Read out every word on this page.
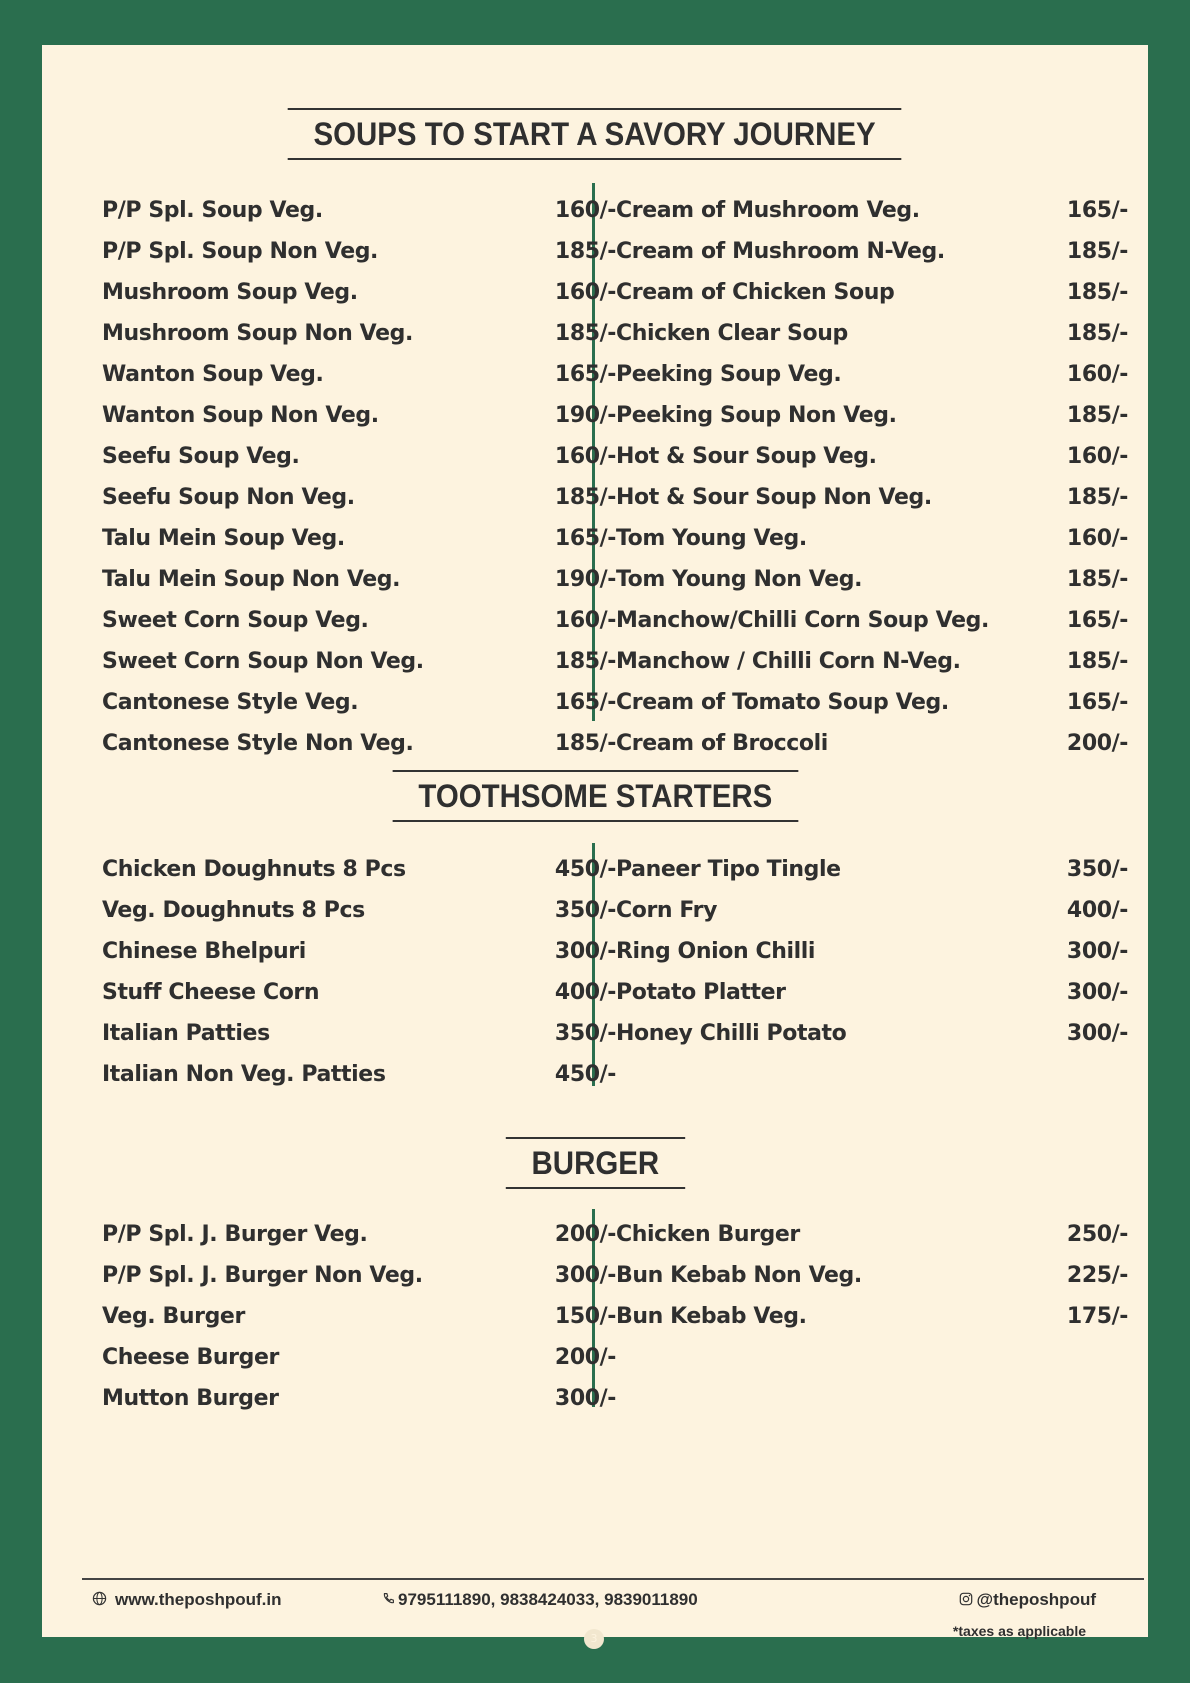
SOUPS TO START A SAVORY JOURNEY
P/P Spl. Soup Veg.	160/-
P/P Spl. Soup Non Veg.	185/-
Mushroom Soup Veg.	160/-
Mushroom Soup Non Veg.	185/-
Wanton Soup Veg.	165/-
Wanton Soup Non Veg.	190/-
Seefu Soup Veg.	160/-
Seefu Soup Non Veg.	185/-
Talu Mein Soup Veg.	165/-
Talu Mein Soup Non Veg.	190/-
Sweet Corn Soup Veg.	160/-
Sweet Corn Soup Non Veg.	185/-
Cantonese Style Veg.	165/-
Cantonese Style Non Veg.	185/-
Cream of Mushroom Veg.	165/-
Cream of Mushroom N-Veg.	185/-
Cream of Chicken Soup	185/-
Chicken Clear Soup	185/-
Peeking Soup Veg.	160/-
Peeking Soup Non Veg.	185/-
Hot & Sour Soup Veg.	160/-
Hot & Sour Soup Non Veg.	185/-
Tom Young Veg.	160/-
Tom Young Non Veg.	185/-
Manchow/Chilli Corn Soup Veg.	165/-
Manchow / Chilli Corn N-Veg.	185/-
Cream of Tomato Soup Veg.	165/-
Cream of Broccoli	200/-
TOOTHSOME STARTERS
Chicken Doughnuts 8 Pcs	450/-
Veg. Doughnuts 8 Pcs	350/-
Chinese Bhelpuri	300/-
Stuff Cheese Corn	400/-
Italian Patties	350/-
Italian Non Veg. Patties	450/-
Paneer Tipo Tingle	350/-
Corn Fry	400/-
Ring Onion Chilli	300/-
Potato Platter	300/-
Honey Chilli Potato	300/-
BURGER
P/P Spl. J. Burger Veg.	200/-
P/P Spl. J. Burger Non Veg.	300/-
Veg. Burger	150/-
Cheese Burger	200/-
Mutton Burger	300/-
Chicken Burger	250/-
Bun Kebab Non Veg.	225/-
Bun Kebab Veg.	175/-
www.theposhpouf.in	9795111890, 9838424033, 9839011890	@theposhpouf
3	*taxes as applicable
